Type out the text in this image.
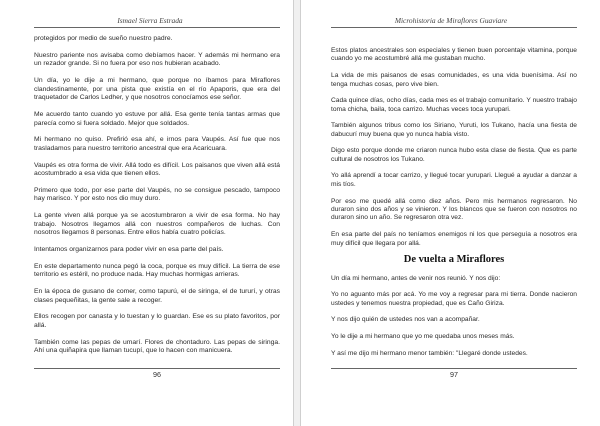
Ismael Sierra Estrada

protegidos por medio de sueño nuestro padre.

Nuestro pariente nos avisaba como debíamos hacer. Y además mi hermano era un rezador grande. Si no fuera por eso nos hubieran acabado.

Un día, yo le dije a mi hermano, que porque no íbamos para Miraflores clandestinamente, por una pista que existía en el río Apaporis, que era del traquetador de Carlos Ledher, y que nosotros conocíamos ese señor.

Me acuerdo tanto cuando yo estuve por allá. Esa gente tenía tantas armas que parecía como si fuera soldado. Mejor que soldados.

Mi hermano no quiso. Prefirió esa ahí, e irnos para Vaupés. Así fue que nos trasladamos para nuestro territorio ancestral que era Acaricuara.

Vaupés es otra forma de vivir. Allá todo es difícil. Los paisanos que viven allá está acostumbrado a esa vida que tienen ellos.

Primero que todo, por ese parte del Vaupés, no se consigue pescado, tampoco hay marisco. Y por esto nos dio muy duro.

La gente viven allá porque ya se acostumbraron a vivir de esa forma. No hay trabajo. Nosotros llegamos allá con nuestros compañeros de luchas. Con nosotros llegamos 8 personas. Entre ellos había cuatro policías.

Intentamos organizarnos para poder vivir en esa parte del país.

En este departamento nunca pegó la coca, porque es muy difícil. La tierra de ese territorio es estéril, no produce nada. Hay muchas hormigas arrieras.

En la época de gusano de comer, como tapurú, el de siringa, el de tururí, y otras clases pequeñitas, la gente sale a recoger.

Ellos recogen por canasta y lo tuestan y lo guardan. Ese es su plato favoritos, por allá.

También come las pepas de umarí. Flores de chontaduro. Las pepas de siringa. Ahí una quiñapira que llaman tucupí, que lo hacen con manicuera.

96
Microhistoria de Miraflores Guaviare

Estos platos ancestrales son especiales y tienen buen porcentaje vitamina, porque cuando yo me acostumbré allá me gustaban mucho.

La vida de mis paisanos de esas comunidades, es una vida buenísima. Así no tenga muchas cosas, pero vive bien.

Cada quince días, ocho días, cada mes es el trabajo comunitario. Y nuestro trabajo toma chicha, baila, toca carrizo. Muchas veces toca yurupari.

También algunos tribus como los Siriano, Yuruti, los Tukano, hacía una fiesta de dabucurí muy buena que yo nunca había visto.

Digo esto porque donde me criaron nunca hubo esta clase de fiesta. Que es parte cultural de nosotros los Tukano.

Yo allá aprendí a tocar carrizo, y llegué tocar yurupari. Llegué a ayudar a danzar a mis tíos.

Por eso me quedé allá como diez años. Pero mis hermanos regresaron. No duraron sino dos años y se vinieron. Y los blancos que se fueron con nosotros no duraron sino un año. Se regresaron otra vez.

En esa parte del país no teníamos enemigos ni los que perseguía a nosotros era muy difícil que llegara por allá.

De vuelta a Miraflores

Un día mi hermano, antes de venir nos reunió. Y nos dijo:

Yo no aguanto más por acá. Yo me voy a regresar para mi tierra. Donde nacieron ustedes y tenemos nuestra propiedad, que es Caño Giriza.

Y nos dijo quién de ustedes nos van a acompañar.

Yo le dije a mi hermano que yo me quedaba unos meses más.

Y así me dijo mi hermano menor también: "Llegaré donde ustedes.

97
